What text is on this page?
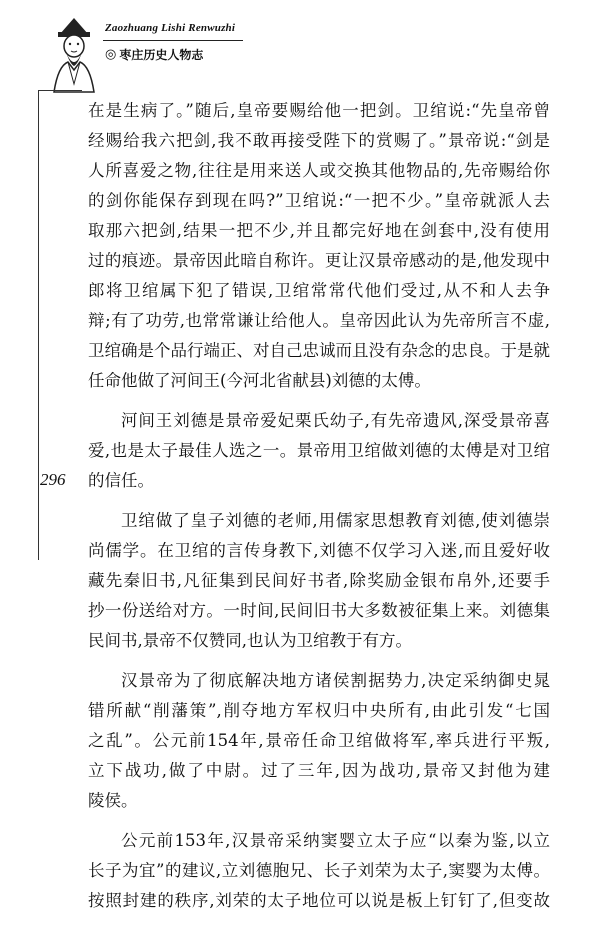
Zaozhuang Lishi Renwuzhi
◎ 枣庄历史人物志
296
在是生病了。”随后,皇帝要赐给他一把剑。卫绾说:“先皇帝曾
经赐给我六把剑,我不敢再接受陛下的赏赐了。”景帝说:“剑是
人所喜爱之物,往往是用来送人或交换其他物品的,先帝赐给你
的剑你能保存到现在吗?”卫绾说:“一把不少。”皇帝就派人去
取那六把剑,结果一把不少,并且都完好地在剑套中,没有使用
过的痕迹。景帝因此暗自称许。更让汉景帝感动的是,他发现中
郎将卫绾属下犯了错误,卫绾常常代他们受过,从不和人去争
辩;有了功劳,也常常谦让给他人。皇帝因此认为先帝所言不虚,
卫绾确是个品行端正、对自己忠诚而且没有杂念的忠良。于是就
任命他做了河间王(今河北省献县)刘德的太傅。
河间王刘德是景帝爱妃栗氏幼子,有先帝遗风,深受景帝喜
爱,也是太子最佳人选之一。景帝用卫绾做刘德的太傅是对卫绾
的信任。
卫绾做了皇子刘德的老师,用儒家思想教育刘德,使刘德崇
尚儒学。在卫绾的言传身教下,刘德不仅学习入迷,而且爱好收
藏先秦旧书,凡征集到民间好书者,除奖励金银布帛外,还要手
抄一份送给对方。一时间,民间旧书大多数被征集上来。刘德集
民间书,景帝不仅赞同,也认为卫绾教于有方。
汉景帝为了彻底解决地方诸侯割据势力,决定采纳御史晁
错所献“削藩策”,削夺地方军权归中央所有,由此引发“七国
之乱”。公元前154年,景帝任命卫绾做将军,率兵进行平叛,
立下战功,做了中尉。过了三年,因为战功,景帝又封他为建
陵侯。
公元前153年,汉景帝采纳窦婴立太子应“以秦为鉴,以立
长子为宜”的建议,立刘德胞兄、长子刘荣为太子,窦婴为太傅。
按照封建的秩序,刘荣的太子地位可以说是板上钉钉了,但变故
